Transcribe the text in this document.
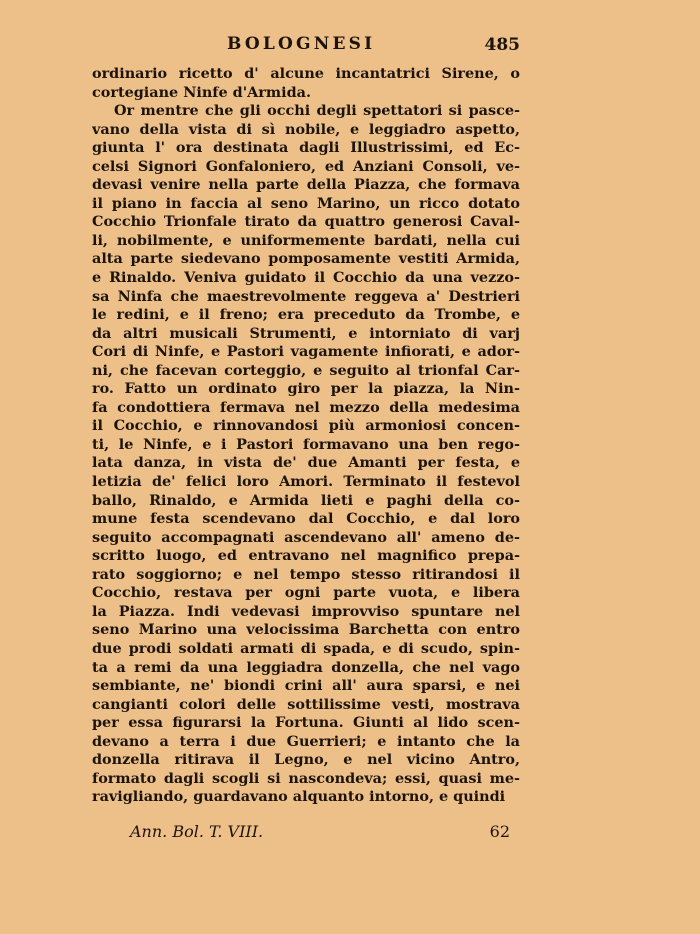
BOLOGNESI	485
ordinario ricetto d' alcune incantatrici Sirene, o
cortegiane Ninfe d'Armida.
Or mentre che gli occhi degli spettatori si pasce-
vano della vista di sì nobile, e leggiadro aspetto,
giunta l' ora destinata dagli Illustrissimi, ed Ec-
celsi Signori Gonfaloniero, ed Anziani Consoli, ve-
devasi venire nella parte della Piazza, che formava
il piano in faccia al seno Marino, un ricco dotato
Cocchio Trionfale tirato da quattro generosi Caval-
li, nobilmente, e uniformemente bardati, nella cui
alta parte siedevano pomposamente vestiti Armida,
e Rinaldo. Veniva guidato il Cocchio da una vezzo-
sa Ninfa che maestrevolmente reggeva a' Destrieri
le redini, e il freno; era preceduto da Trombe, e
da altri musicali Strumenti, e intorniato di varj
Cori di Ninfe, e Pastori vagamente infiorati, e ador-
ni, che facevan corteggio, e seguito al trionfal Car-
ro. Fatto un ordinato giro per la piazza, la Nin-
fa condottiera fermava nel mezzo della medesima
il Cocchio, e rinnovandosi più armoniosi concen-
ti, le Ninfe, e i Pastori formavano una ben rego-
lata danza, in vista de' due Amanti per festa, e
letizia de' felici loro Amori. Terminato il festevol
ballo, Rinaldo, e Armida lieti e paghi della co-
mune festa scendevano dal Cocchio, e dal loro
seguito accompagnati ascendevano all' ameno de-
scritto luogo, ed entravano nel magnifico prepa-
rato soggiorno; e nel tempo stesso ritirandosi il
Cocchio, restava per ogni parte vuota, e libera
la Piazza. Indi vedevasi improvviso spuntare nel
seno Marino una velocissima Barchetta con entro
due prodi soldati armati di spada, e di scudo, spin-
ta a remi da una leggiadra donzella, che nel vago
sembiante, ne' biondi crini all' aura sparsi, e nei
cangianti colori delle sottilissime vesti, mostrava
per essa figurarsi la Fortuna. Giunti al lido scen-
devano a terra i due Guerrieri; e intanto che la
donzella ritirava il Legno, e nel vicino Antro,
formato dagli scogli si nascondeva; essi, quasi me-
ravigliando, guardavano alquanto intorno, e quindi
Ann. Bol. T. VIII.	62
